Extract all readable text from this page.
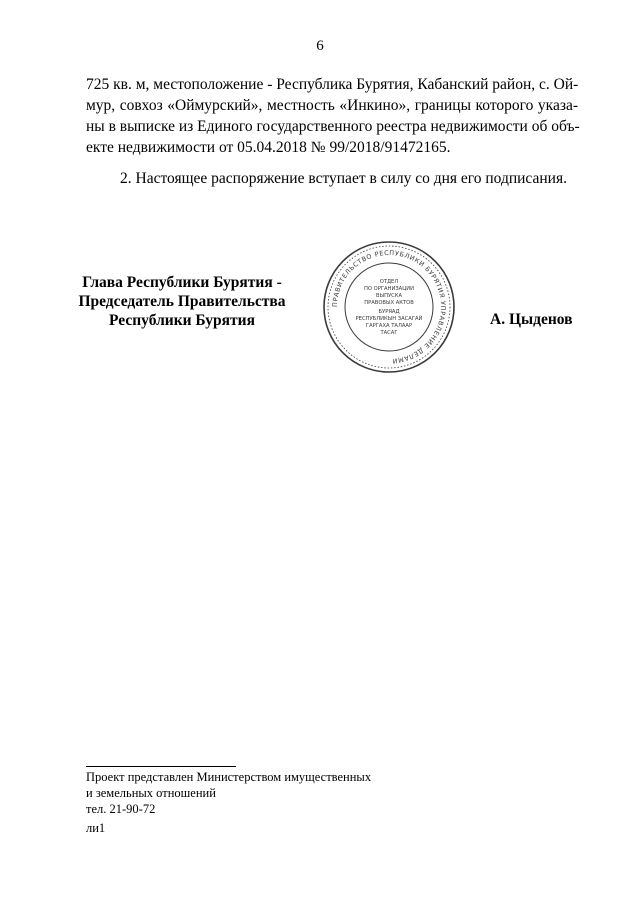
6
725 кв. м, местоположение - Республика Бурятия, Кабанский район, с. Ой-
мур, совхоз «Оймурский», местность «Инкино», границы которого указа-
ны в выписке из Единого государственного реестра недвижимости об объ-
екте недвижимости от 05.04.2018 № 99/2018/91472165.
2. Настоящее распоряжение вступает в силу со дня его подписания.
Глава Республики Бурятия -
Председатель Правительства
Республики Бурятия
ПРАВИТЕЛЬСТВО РЕСПУБЛИКИ БУРЯТИЯ УПРАВЛЕНИЕ ДЕЛАМИ
ОТДЕЛ
ПО ОРГАНИЗАЦИИ
ВЫПУСКА
ПРАВОВЫХ АКТОВ
БУРЯАД
РЕСПУБЛИКЫН ЗАСАГАЙ
ГАРГАХА ТАЛААР
ТАСАГ
А. Цыденов
Проект представлен Министерством имущественных
и земельных отношений
тел. 21-90-72
ли1
